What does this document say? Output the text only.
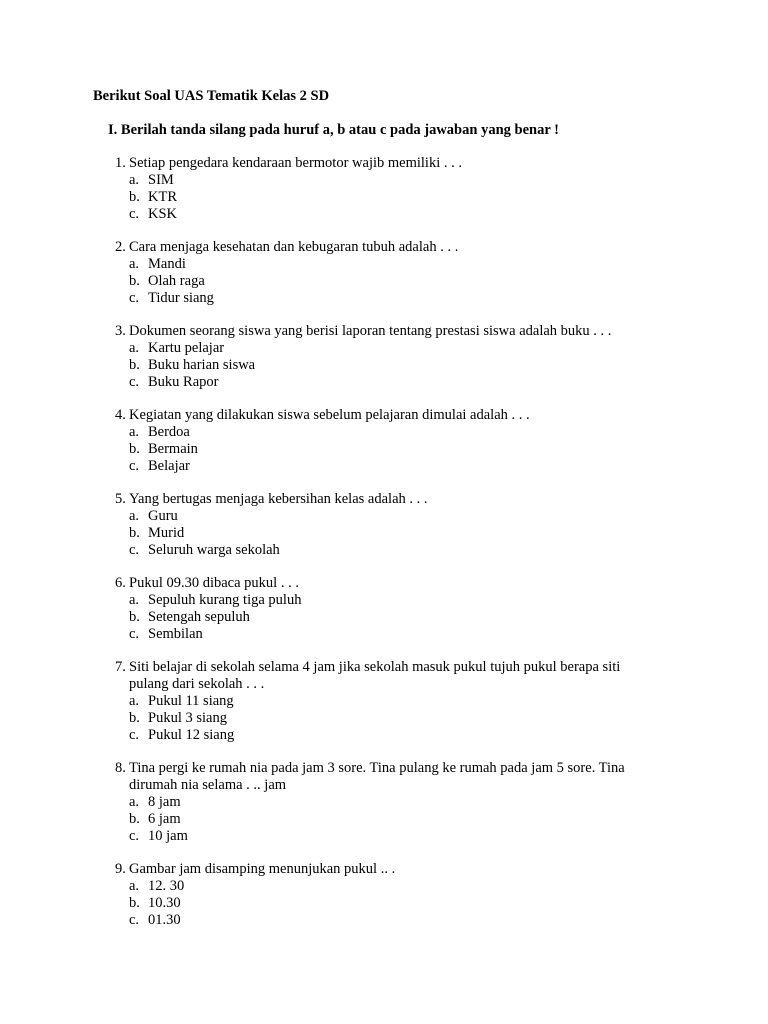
Berikut Soal UAS Tematik Kelas 2 SD
I. Berilah tanda silang pada huruf a, b atau c pada jawaban yang benar !
1. Setiap pengedara kendaraan bermotor wajib memiliki . . .
a. SIM
b. KTR
c. KSK
2. Cara menjaga kesehatan dan kebugaran tubuh adalah . . .
a. Mandi
b. Olah raga
c. Tidur siang
3. Dokumen seorang siswa yang berisi laporan tentang prestasi siswa adalah buku . . .
a. Kartu pelajar
b. Buku harian siswa
c. Buku Rapor
4. Kegiatan yang dilakukan siswa sebelum pelajaran dimulai adalah . . .
a. Berdoa
b. Bermain
c. Belajar
5. Yang bertugas menjaga kebersihan kelas adalah . . .
a. Guru
b. Murid
c. Seluruh warga sekolah
6. Pukul 09.30 dibaca pukul . . .
a. Sepuluh kurang tiga puluh
b. Setengah sepuluh
c. Sembilan
7. Siti belajar di sekolah selama 4 jam jika sekolah masuk pukul tujuh pukul berapa siti
pulang dari sekolah . . .
a. Pukul 11 siang
b. Pukul 3 siang
c. Pukul 12 siang
8. Tina pergi ke rumah nia pada jam 3 sore. Tina pulang ke rumah pada jam 5 sore. Tina
dirumah nia selama . .. jam
a. 8 jam
b. 6 jam
c. 10 jam
9. Gambar jam disamping menunjukan pukul .. .
a. 12. 30
b. 10.30
c. 01.30
